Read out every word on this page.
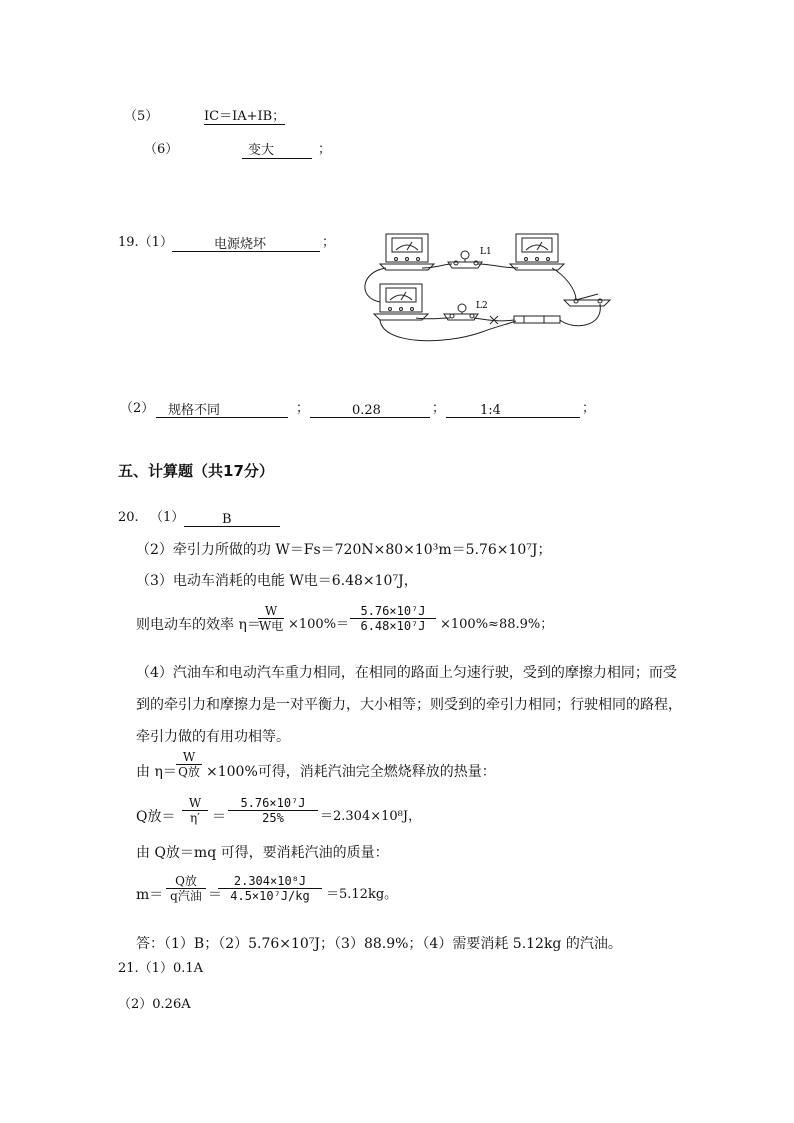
（5）	IC＝IA+IB；
（6）	变大	；
19.（1）	电源烧坏	；
L1
L2
（2）	规格不同	；	0.28	；	1:4	；
五、计算题（共17分）
20. （1）	B
（2）牵引力所做的功 W＝Fs＝720N×80×10³m＝5.76×10⁷J；
（3）电动车消耗的电能 W电＝6.48×10⁷J，
则电动车的效率 η＝
W
W电 ×100%＝
5.76×10⁷J
6.48×10⁷J	×100%≈88.9%；
（4）汽油车和电动汽车重力相同，在相同的路面上匀速行驶，受到的摩擦力相同；而受
到的牵引力和摩擦力是一对平衡力，大小相等；则受到的牵引力相同；行驶相同的路程，
牵引力做的有用功相等。
由 η＝
W
Q放 ×100%可得，消耗汽油完全燃烧释放的热量：
Q放＝
W
η′ ＝
5.76×10⁷J
25%	＝2.304×10⁸J，
由 Q放＝mq 可得，要消耗汽油的质量：
m＝
Q放
q汽油 ＝
2.304×10⁸J
4.5×10⁷J/kg	＝5.12kg。
答：（1）B；（2）5.76×10⁷J；（3）88.9%；（4）需要消耗 5.12kg 的汽油。
21.（1）0.1A
（2）0.26A
